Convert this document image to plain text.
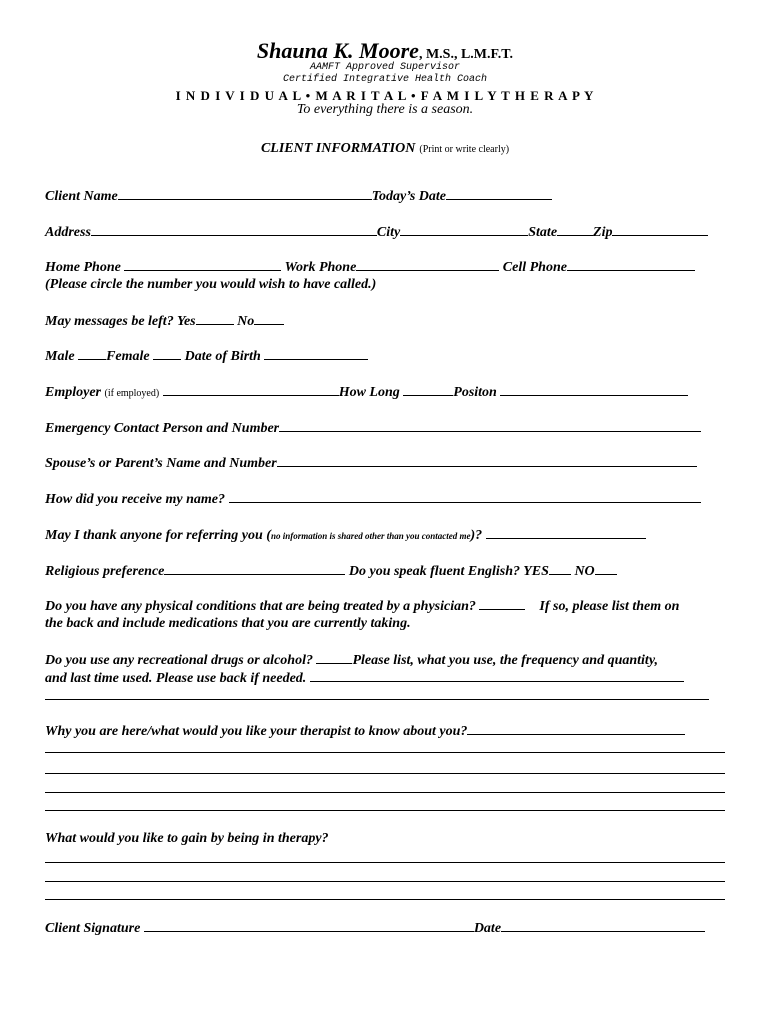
Shauna K. Moore, M.S., L.M.F.T.
AAMFT Approved Supervisor
Certified Integrative Health Coach
I N D I V I D U A L • M A R I T A L • F A M I L Y T H E R A P Y
To everything there is a season.
CLIENT INFORMATION (Print or write clearly)
Client Name	Today’s Date
Address	City	State	Zip
Home Phone	Work Phone	Cell Phone
(Please circle the number you would wish to have called.)
May messages be left? Yes	No
Male Female	Date of Birth
Employer (if employed)	How Long	Positon
Emergency Contact Person and Number
Spouse’s or Parent’s Name and Number
How did you receive my name?
May I thank anyone for referring you (no information is shared other than you contacted me)?
Religious preference	Do you speak fluent English? YES NO
Do you have any physical conditions that are being treated by a physician?	If so, please list them on
the back and include medications that you are currently taking.
Do you use any recreational drugs or alcohol?	Please list, what you use, the frequency and quantity,
and last time used. Please use back if needed.
Why you are here/what would you like your therapist to know about you?
What would you like to gain by being in therapy?
Client Signature	Date
